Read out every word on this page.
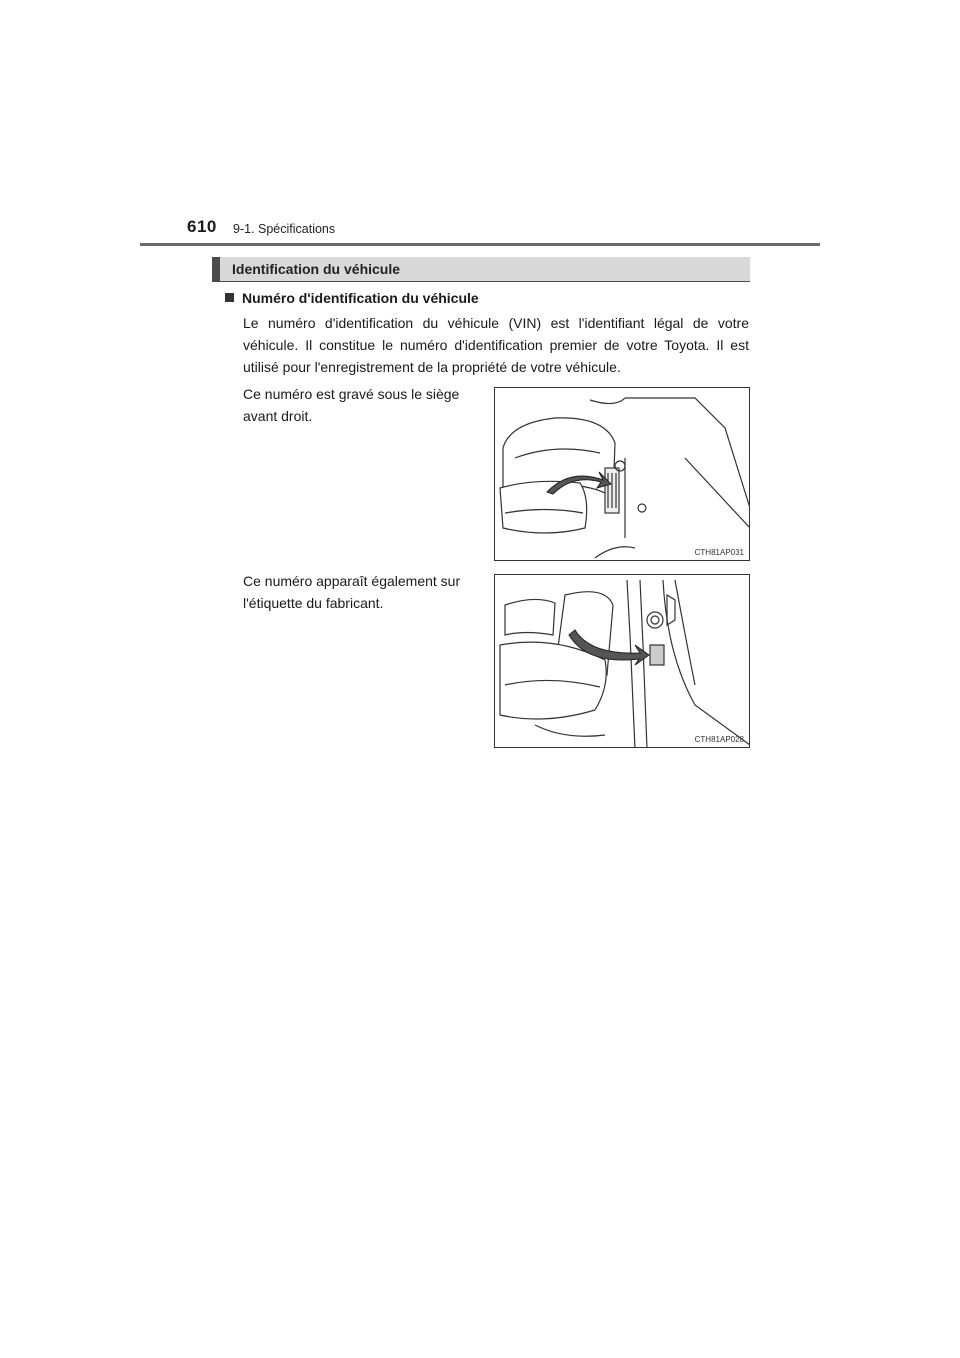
610 9-1. Spécifications
Identification du véhicule
Numéro d'identification du véhicule
Le numéro d'identification du véhicule (VIN) est l'identifiant légal de votre véhicule. Il constitue le numéro d'identification premier de votre Toyota. Il est utilisé pour l'enregistrement de la propriété de votre véhicule.
Ce numéro est gravé sous le siège avant droit.
CTH81AP031
Ce numéro apparaît également sur l'étiquette du fabricant.
CTH81AP028
